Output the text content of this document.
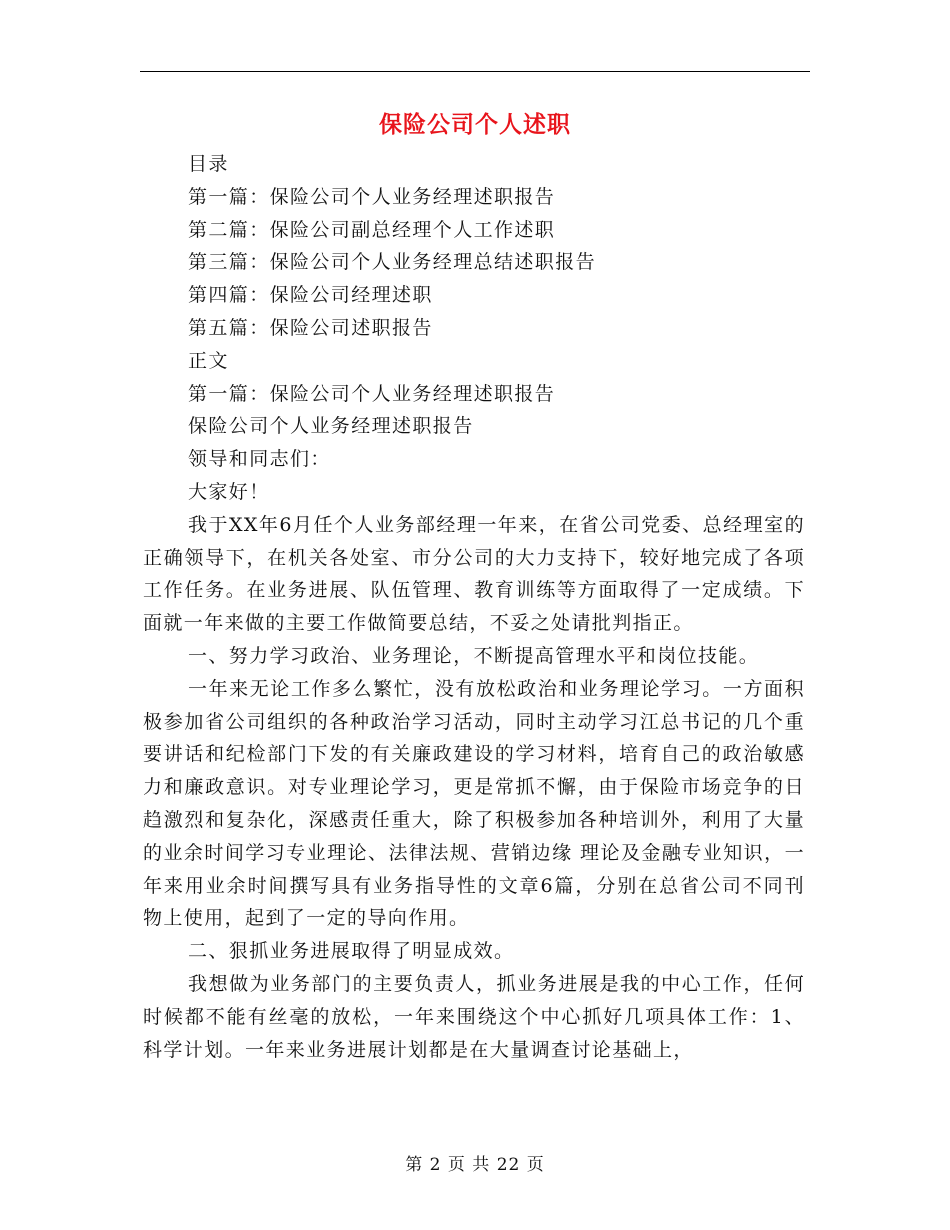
保险公司个人述职

目录

第一篇：保险公司个人业务经理述职报告

第二篇：保险公司副总经理个人工作述职

第三篇：保险公司个人业务经理总结述职报告

第四篇：保险公司经理述职

第五篇：保险公司述职报告

正文

第一篇：保险公司个人业务经理述职报告

保险公司个人业务经理述职报告

领导和同志们：

大家好！

我于XX年6月任个人业务部经理一年来，在省公司党委、总经理室的正确领导下，在机关各处室、市分公司的大力支持下，较好地完成了各项工作任务。在业务进展、队伍管理、教育训练等方面取得了一定成绩。下面就一年来做的主要工作做简要总结，不妥之处请批判指正。

一、努力学习政治、业务理论，不断提高管理水平和岗位技能。

一年来无论工作多么繁忙，没有放松政治和业务理论学习。一方面积极参加省公司组织的各种政治学习活动，同时主动学习江总书记的几个重要讲话和纪检部门下发的有关廉政建设的学习材料，培育自己的政治敏感力和廉政意识。对专业理论学习，更是常抓不懈，由于保险市场竞争的日趋激烈和复杂化，深感责任重大，除了积极参加各种培训外，利用了大量的业余时间学习专业理论、法律法规、营销边缘 理论及金融专业知识，一年来用业余时间撰写具有业务指导性的文章6篇，分别在总省公司不同刊物上使用，起到了一定的导向作用。

二、狠抓业务进展取得了明显成效。

我想做为业务部门的主要负责人，抓业务进展是我的中心工作，任何时候都不能有丝毫的放松，一年来围绕这个中心抓好几项具体工作：1、科学计划。一年来业务进展计划都是在大量调查讨论基础上，

第 2 页 共 22 页
